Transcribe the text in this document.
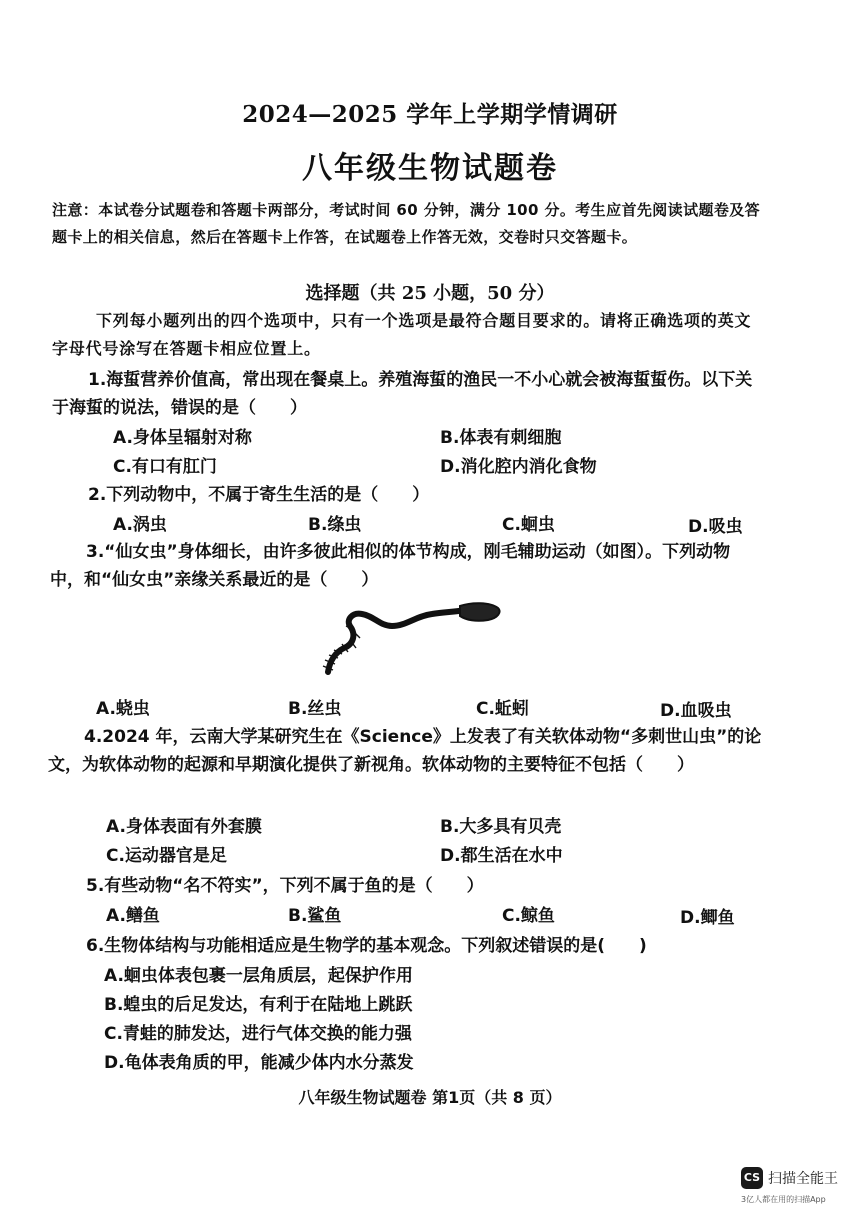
2024—2025 学年上学期学情调研
八年级生物试题卷
注意：本试卷分试题卷和答题卡两部分，考试时间 60 分钟，满分 100 分。考生应首先阅读试题卷及答题卡上的相关信息，然后在答题卡上作答，在试题卷上作答无效，交卷时只交答题卡。
选择题（共 25 小题，50 分）
下列每小题列出的四个选项中，只有一个选项是最符合题目要求的。请将正确选项的英文字母代号涂写在答题卡相应位置上。
1.海蜇营养价值高，常出现在餐桌上。养殖海蜇的渔民一不小心就会被海蜇蜇伤。以下关于海蜇的说法，错误的是（　　）
A.身体呈辐射对称	B.体表有刺细胞
C.有口有肛门	D.消化腔内消化食物
2.下列动物中，不属于寄生生活的是（　　）
A.涡虫	B.绦虫	C.蛔虫	D.吸虫
3.“仙女虫”身体细长，由许多彼此相似的体节构成，刚毛辅助运动（如图）。下列动物中，和“仙女虫”亲缘关系最近的是（　　）
A.蛲虫	B.丝虫	C.蚯蚓	D.血吸虫
4.2024 年，云南大学某研究生在《Science》上发表了有关软体动物“多刺世山虫”的论文，为软体动物的起源和早期演化提供了新视角。软体动物的主要特征不包括（　　）
A.身体表面有外套膜	B.大多具有贝壳
C.运动器官是足	D.都生活在水中
5.有些动物“名不符实”，下列不属于鱼的是（　　）
A.鳝鱼	B.鲨鱼	C.鲸鱼	D.鲫鱼
6.生物体结构与功能相适应是生物学的基本观念。下列叙述错误的是(　　)
A.蛔虫体表包裹一层角质层，起保护作用
B.蝗虫的后足发达，有利于在陆地上跳跃
C.青蛙的肺发达，进行气体交换的能力强
D.龟体表角质的甲，能减少体内水分蒸发
八年级生物试题卷 第1页（共 8 页）
CS 扫描全能王
3亿人都在用的扫描App
